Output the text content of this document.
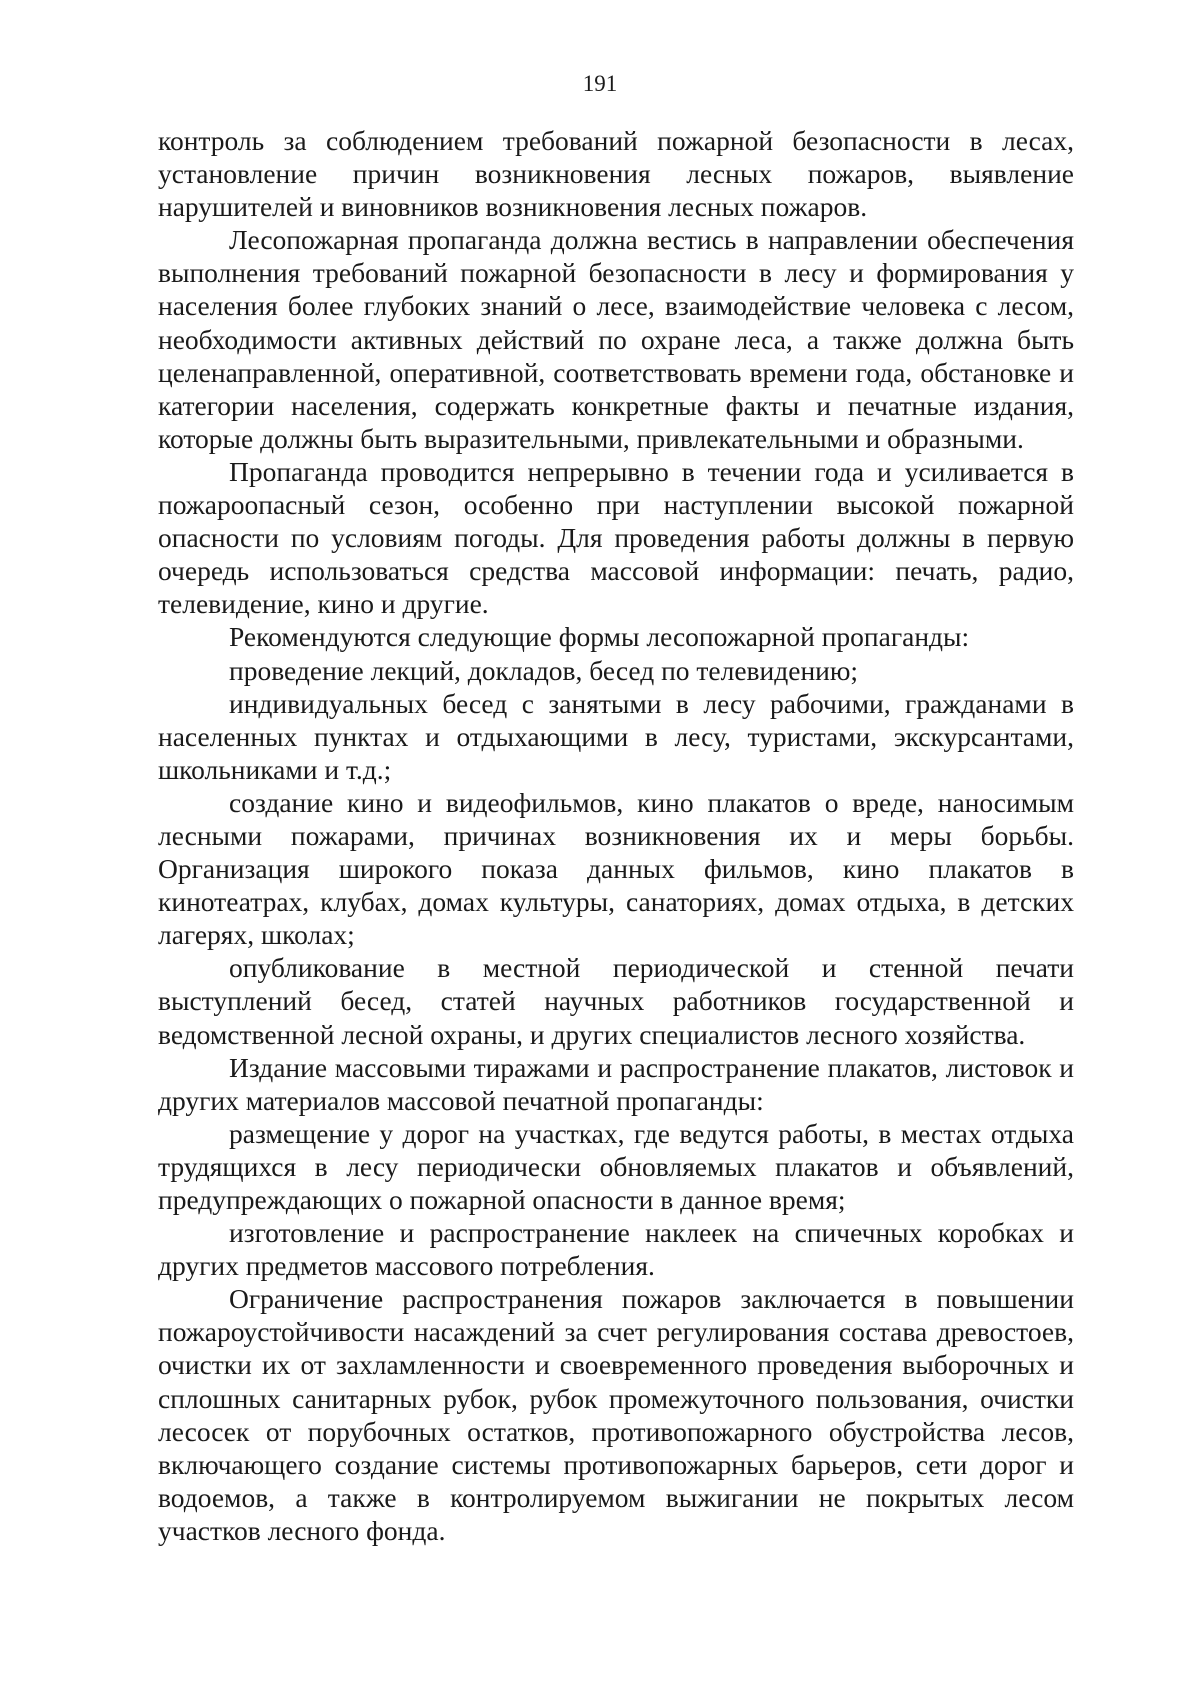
191

контроль за соблюдением требований пожарной безопасности в лесах, установление причин возникновения лесных пожаров, выявление нарушителей и виновников возникновения лесных пожаров.

Лесопожарная пропаганда должна вестись в направлении обеспечения выполнения требований пожарной безопасности в лесу и формирования у населения более глубоких знаний о лесе, взаимодействие человека с лесом, необходимости активных действий по охране леса, а также должна быть целенаправленной, оперативной, соответствовать времени года, обстановке и категории населения, содержать конкретные факты и печатные издания, которые должны быть выразительными, привлекательными и образными.

Пропаганда проводится непрерывно в течении года и усиливается в пожароопасный сезон, особенно при наступлении высокой пожарной опасности по условиям погоды. Для проведения работы должны в первую очередь использоваться средства массовой информации: печать, радио, телевидение, кино и другие.

Рекомендуются следующие формы лесопожарной пропаганды:

проведение лекций, докладов, бесед по телевидению;

индивидуальных бесед с занятыми в лесу рабочими, гражданами в населенных пунктах и отдыхающими в лесу, туристами, экскурсантами, школьниками и т.д.;

создание кино и видеофильмов, кино плакатов о вреде, наносимым лесными пожарами, причинах возникновения их и меры борьбы. Организация широкого показа данных фильмов, кино плакатов в кинотеатрах, клубах, домах культуры, санаториях, домах отдыха, в детских лагерях, школах;

опубликование в местной периодической и стенной печати выступлений бесед, статей научных работников государственной и ведомственной лесной охраны, и других специалистов лесного хозяйства.

Издание массовыми тиражами и распространение плакатов, листовок и других материалов массовой печатной пропаганды:

размещение у дорог на участках, где ведутся работы, в местах отдыха трудящихся в лесу периодически обновляемых плакатов и объявлений, предупреждающих о пожарной опасности в данное время;

изготовление и распространение наклеек на спичечных коробках и других предметов массового потребления.

Ограничение распространения пожаров заключается в повышении пожароустойчивости насаждений за счет регулирования состава древостоев, очистки их от захламленности и своевременного проведения выборочных и сплошных санитарных рубок, рубок промежуточного пользования, очистки лесосек от порубочных остатков, противопожарного обустройства лесов, включающего создание системы противопожарных барьеров, сети дорог и водоемов, а также в контролируемом выжигании не покрытых лесом участков лесного фонда.
